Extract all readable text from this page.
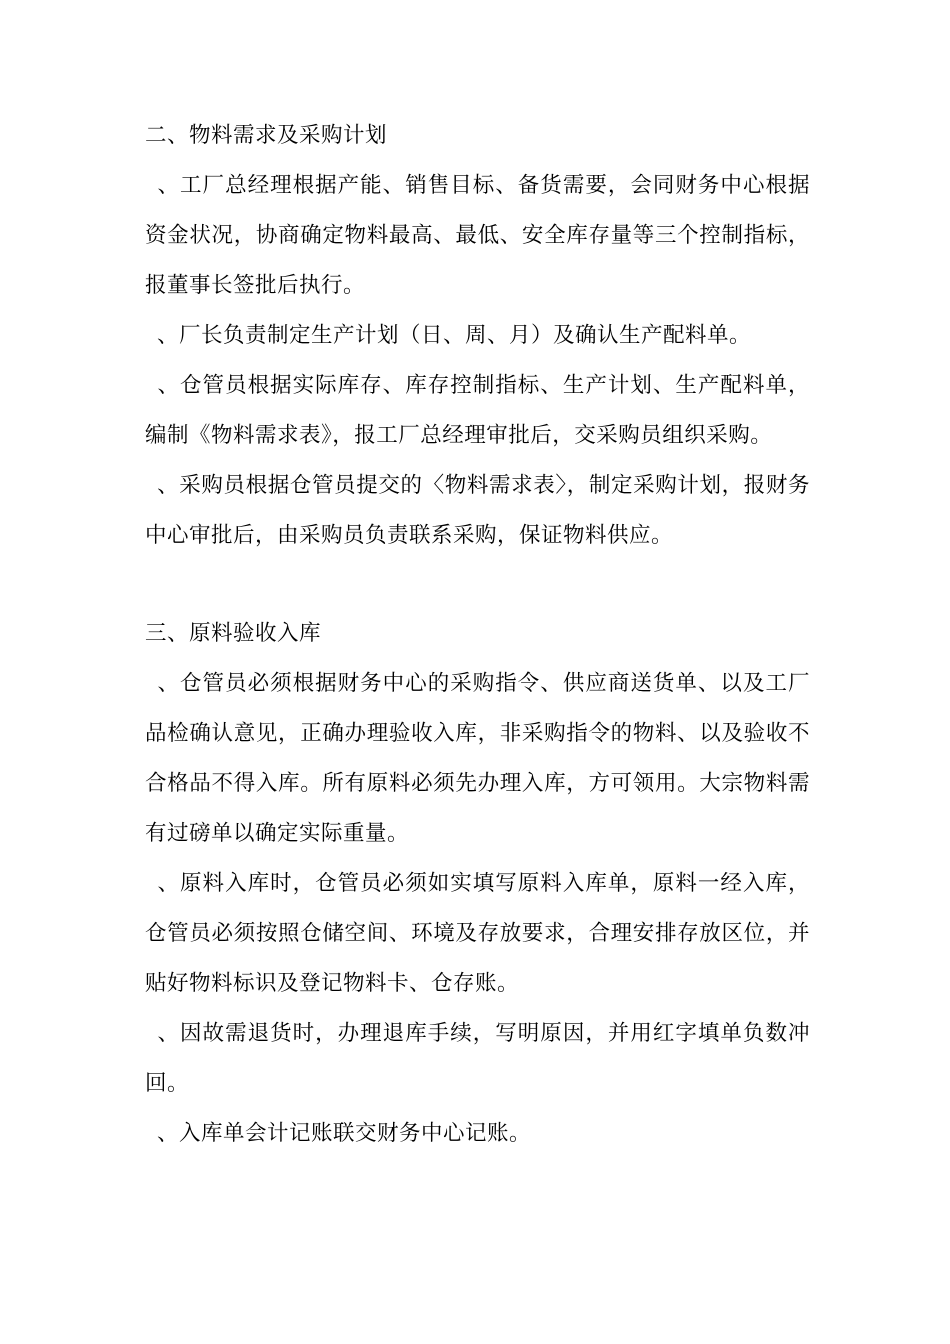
二、物料需求及采购计划

、工厂总经理根据产能、销售目标、备货需要，会同财务中心根据资金状况，协商确定物料最高、最低、安全库存量等三个控制指标，报董事长签批后执行。

、厂长负责制定生产计划（日、周、月）及确认生产配料单。

、仓管员根据实际库存、库存控制指标、生产计划、生产配料单，编制《物料需求表》，报工厂总经理审批后，交采购员组织采购。

、采购员根据仓管员提交的〈物料需求表〉，制定采购计划，报财务中心审批后，由采购员负责联系采购，保证物料供应。

三、原料验收入库

、仓管员必须根据财务中心的采购指令、供应商送货单、以及工厂品检确认意见，正确办理验收入库，非采购指令的物料、以及验收不合格品不得入库。所有原料必须先办理入库，方可领用。大宗物料需有过磅单以确定实际重量。

、原料入库时，仓管员必须如实填写原料入库单，原料一经入库，仓管员必须按照仓储空间、环境及存放要求，合理安排存放区位，并贴好物料标识及登记物料卡、仓存账。

、因故需退货时，办理退库手续，写明原因，并用红字填单负数冲回。

、入库单会计记账联交财务中心记账。
